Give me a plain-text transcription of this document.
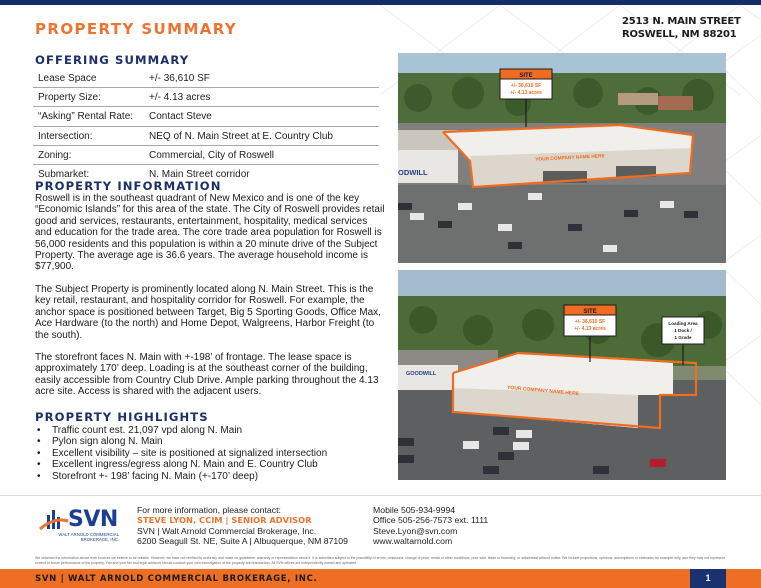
PROPERTY SUMMARY	2513 N. MAIN STREET
ROSWELL, NM 88201
OFFERING SUMMARY
Lease Space	+/- 36,610 SF
Property Size:	+/- 4.13 acres
“Asking” Rental Rate:	Contact Steve
Intersection:	NEQ of N. Main Street at E. Country Club
Zoning:	Commercial, City of Roswell
Submarket:	N. Main Street corridor
PROPERTY INFORMATION

Roswell is in the southeast quadrant of New Mexico and is one of the key “Economic Islands” for this area of the state. The City of Roswell provides retail good and services, restaurants, entertainment, hospitality, medical services and education for the trade area. The core trade area population for Roswell is 56,000 residents and this population is within a 20 minute drive of the Subject Property. The average age is 36.6 years. The average household income is $77,900.

The Subject Property is prominently located along N. Main Street. This is the key retail, restaurant, and hospitality corridor for Roswell. For example, the anchor space is positioned between Target, Big 5 Sporting Goods, Office Max, Ace Hardware (to the north) and Home Depot, Walgreens, Harbor Freight (to the south).

The storefront faces N. Main with +-198’ of frontage. The lease space is approximately 170’ deep. Loading is at the southeast corner of the building, easily accessible from Country Club Drive. Ample parking throughout the 4.13 acre site. Access is shared with the adjacent users.

PROPERTY HIGHLIGHTS
•	Traffic count est. 21,097 vpd along N. Main
•	Pylon sign along N. Main
•	Excellent visibility – site is positioned at signalized intersection
•	Excellent ingress/egress along N. Main and E. Country Club
•	Storefront +- 198’ facing N. Main (+-170’ deep)
ODWILL
YOUR COMPANY NAME HERE
SITE
+/- 36,610 SF
+/- 4.13 acres
GOODWILL
YOUR COMPANY NAME HERE
SITE
+/- 36,610 SF
+/- 4.13 acres
Loading Area
1 Dock /
1 Grade
SVN
WALT ARNOLD COMMERCIAL BROKERAGE, INC.
For more information, please contact:
STEVE LYON, CCIM | SENIOR ADVISOR
SVN | Walt Arnold Commercial Brokerage, Inc.
6200 Seagull St. NE, Suite A | Albuquerque, NM 87109
Mobile 505-934-9994
Office 505-256-7573 ext. 1111
Steve.Lyon@svn.com
www.waltarnold.com

We obtained the information above from sources we believe to be reliable. However, we have not verified its accuracy and make no guarantee, warranty or representation about it. It is submitted subject to the possibility of errors, omissions, change of price, rental or other conditions, prior sale, lease or financing, or withdrawal without notice. We include projections, opinions, assumptions or estimates for example only, and they may not represent current or future performance of the property. You and your tax and legal advisors should conduct your own investigation of the property and transaction. All SVN offices are independently owned and operated.

SVN | WALT ARNOLD COMMERCIAL BROKERAGE, INC.	1
